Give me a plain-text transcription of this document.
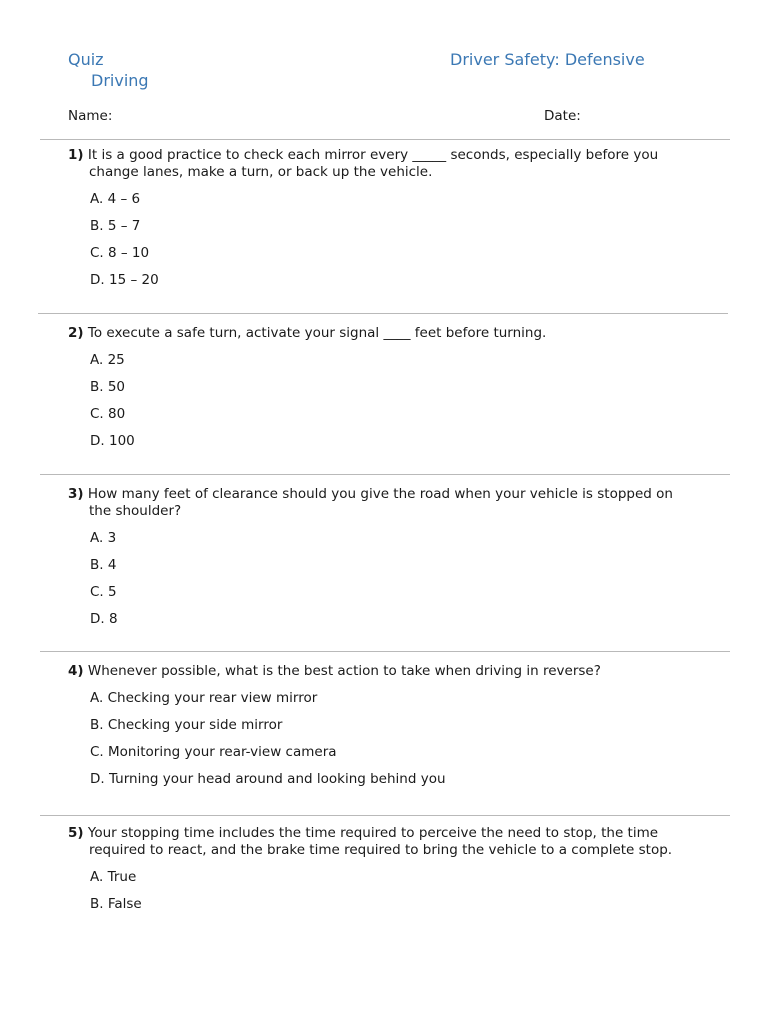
Quiz
Driving
Driver Safety: Defensive
Name:	Date:
1) It is a good practice to check each mirror every _____ seconds, especially before you change lanes, make a turn, or back up the vehicle.
A. 4 – 6
B. 5 – 7
C. 8 – 10
D. 15 – 20
2) To execute a safe turn, activate your signal ____ feet before turning.
A. 25
B. 50
C. 80
D. 100
3) How many feet of clearance should you give the road when your vehicle is stopped on the shoulder?
A. 3
B. 4
C. 5
D. 8
4) Whenever possible, what is the best action to take when driving in reverse?
A. Checking your rear view mirror
B. Checking your side mirror
C. Monitoring your rear-view camera
D. Turning your head around and looking behind you
5) Your stopping time includes the time required to perceive the need to stop, the time required to react, and the brake time required to bring the vehicle to a complete stop.
A. True
B. False
